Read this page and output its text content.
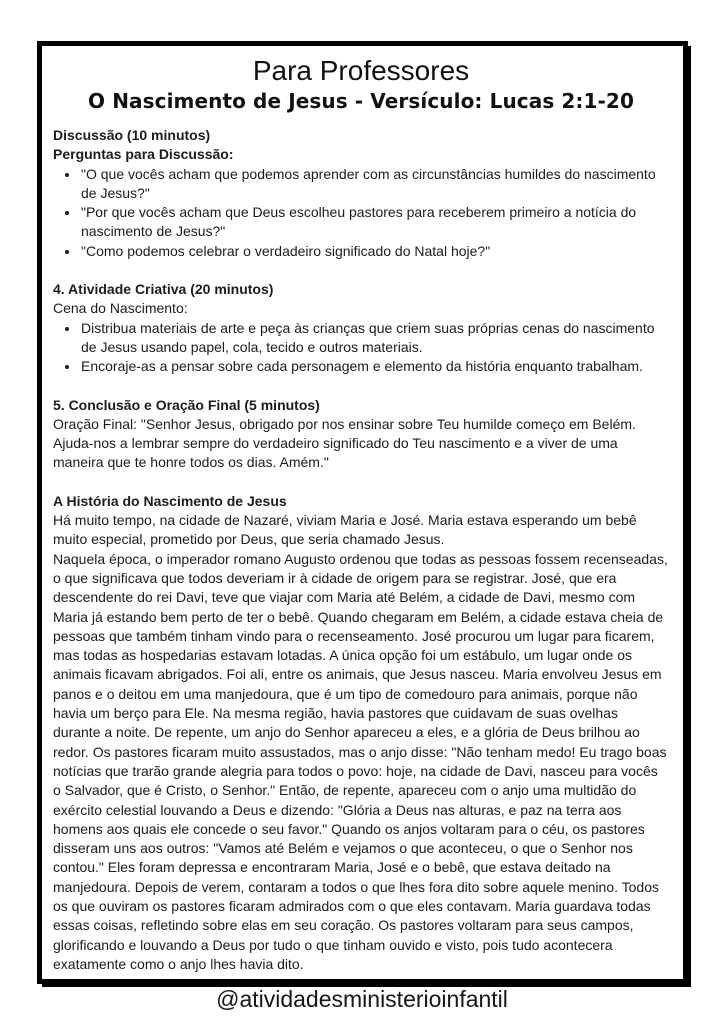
Para Professores
O Nascimento de Jesus - Versículo: Lucas 2:1-20

Discussão (10 minutos)

Perguntas para Discussão:

• "O que vocês acham que podemos aprender com as circunstâncias humildes do nascimento de Jesus?"
• "Por que vocês acham que Deus escolheu pastores para receberem primeiro a notícia do nascimento de Jesus?"
• "Como podemos celebrar o verdadeiro significado do Natal hoje?"

4. Atividade Criativa (20 minutos)

Cena do Nascimento:

• Distribua materiais de arte e peça às crianças que criem suas próprias cenas do nascimento de Jesus usando papel, cola, tecido e outros materiais.
• Encoraje-as a pensar sobre cada personagem e elemento da história enquanto trabalham.

5. Conclusão e Oração Final (5 minutos)

Oração Final: "Senhor Jesus, obrigado por nos ensinar sobre Teu humilde começo em Belém. Ajuda-nos a lembrar sempre do verdadeiro significado do Teu nascimento e a viver de uma maneira que te honre todos os dias. Amém."

A História do Nascimento de Jesus

Há muito tempo, na cidade de Nazaré, viviam Maria e José. Maria estava esperando um bebê muito especial, prometido por Deus, que seria chamado Jesus.

Naquela época, o imperador romano Augusto ordenou que todas as pessoas fossem recenseadas, o que significava que todos deveriam ir à cidade de origem para se registrar. José, que era descendente do rei Davi, teve que viajar com Maria até Belém, a cidade de Davi, mesmo com Maria já estando bem perto de ter o bebê. Quando chegaram em Belém, a cidade estava cheia de pessoas que também tinham vindo para o recenseamento. José procurou um lugar para ficarem, mas todas as hospedarias estavam lotadas. A única opção foi um estábulo, um lugar onde os animais ficavam abrigados. Foi ali, entre os animais, que Jesus nasceu. Maria envolveu Jesus em panos e o deitou em uma manjedoura, que é um tipo de comedouro para animais, porque não havia um berço para Ele. Na mesma região, havia pastores que cuidavam de suas ovelhas durante a noite. De repente, um anjo do Senhor apareceu a eles, e a glória de Deus brilhou ao redor. Os pastores ficaram muito assustados, mas o anjo disse: "Não tenham medo! Eu trago boas notícias que trarão grande alegria para todos o povo: hoje, na cidade de Davi, nasceu para vocês o Salvador, que é Cristo, o Senhor." Então, de repente, apareceu com o anjo uma multidão do exército celestial louvando a Deus e dizendo: "Glória a Deus nas alturas, e paz na terra aos homens aos quais ele concede o seu favor." Quando os anjos voltaram para o céu, os pastores disseram uns aos outros: "Vamos até Belém e vejamos o que aconteceu, o que o Senhor nos contou." Eles foram depressa e encontraram Maria, José e o bebê, que estava deitado na manjedoura. Depois de verem, contaram a todos o que lhes fora dito sobre aquele menino. Todos os que ouviram os pastores ficaram admirados com o que eles contavam. Maria guardava todas essas coisas, refletindo sobre elas em seu coração. Os pastores voltaram para seus campos, glorificando e louvando a Deus por tudo o que tinham ouvido e visto, pois tudo acontecera exatamente como o anjo lhes havia dito.

@atividadesministerioinfantil
